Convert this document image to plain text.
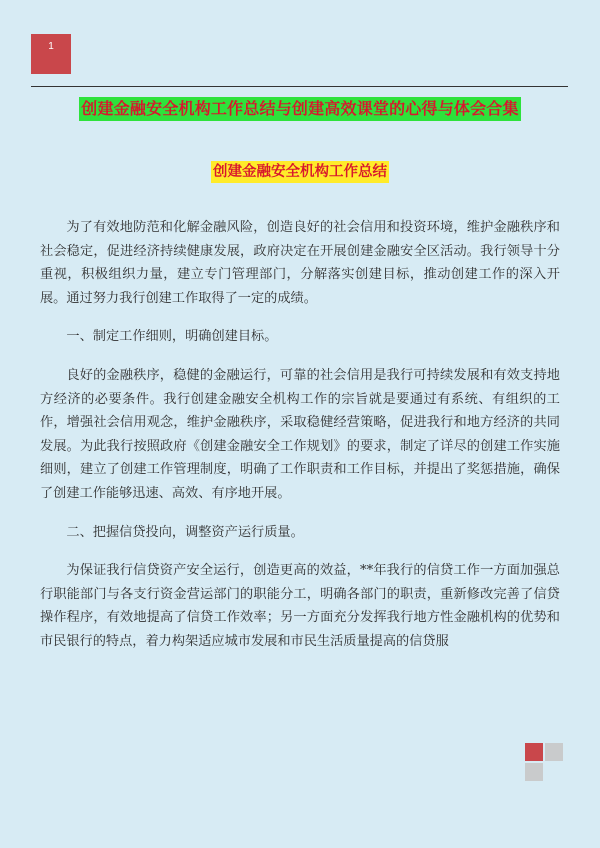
1
创建金融安全机构工作总结与创建高效课堂的心得与体会合集
创建金融安全机构工作总结

为了有效地防范和化解金融风险，创造良好的社会信用和投资环境，维护金融秩序和社会稳定，促进经济持续健康发展，政府决定在开展创建金融安全区活动。我行领导十分重视，积极组织力量，建立专门管理部门，分解落实创建目标，推动创建工作的深入开展。通过努力我行创建工作取得了一定的成绩。

一、制定工作细则，明确创建目标。

良好的金融秩序，稳健的金融运行，可靠的社会信用是我行可持续发展和有效支持地方经济的必要条件。我行创建金融安全机构工作的宗旨就是要通过有系统、有组织的工作，增强社会信用观念，维护金融秩序，采取稳健经营策略，促进我行和地方经济的共同发展。为此我行按照政府《创建金融安全工作规划》的要求，制定了详尽的创建工作实施细则，建立了创建工作管理制度，明确了工作职责和工作目标，并提出了奖惩措施，确保了创建工作能够迅速、高效、有序地开展。

二、把握信贷投向，调整资产运行质量。

为保证我行信贷资产安全运行，创造更高的效益，**年我行的信贷工作一方面加强总行职能部门与各支行资金营运部门的职能分工，明确各部门的职责，重新修改完善了信贷操作程序，有效地提高了信贷工作效率；另一方面充分发挥我行地方性金融机构的优势和市民银行的特点，着力构架适应城市发展和市民生活质量提高的信贷服
